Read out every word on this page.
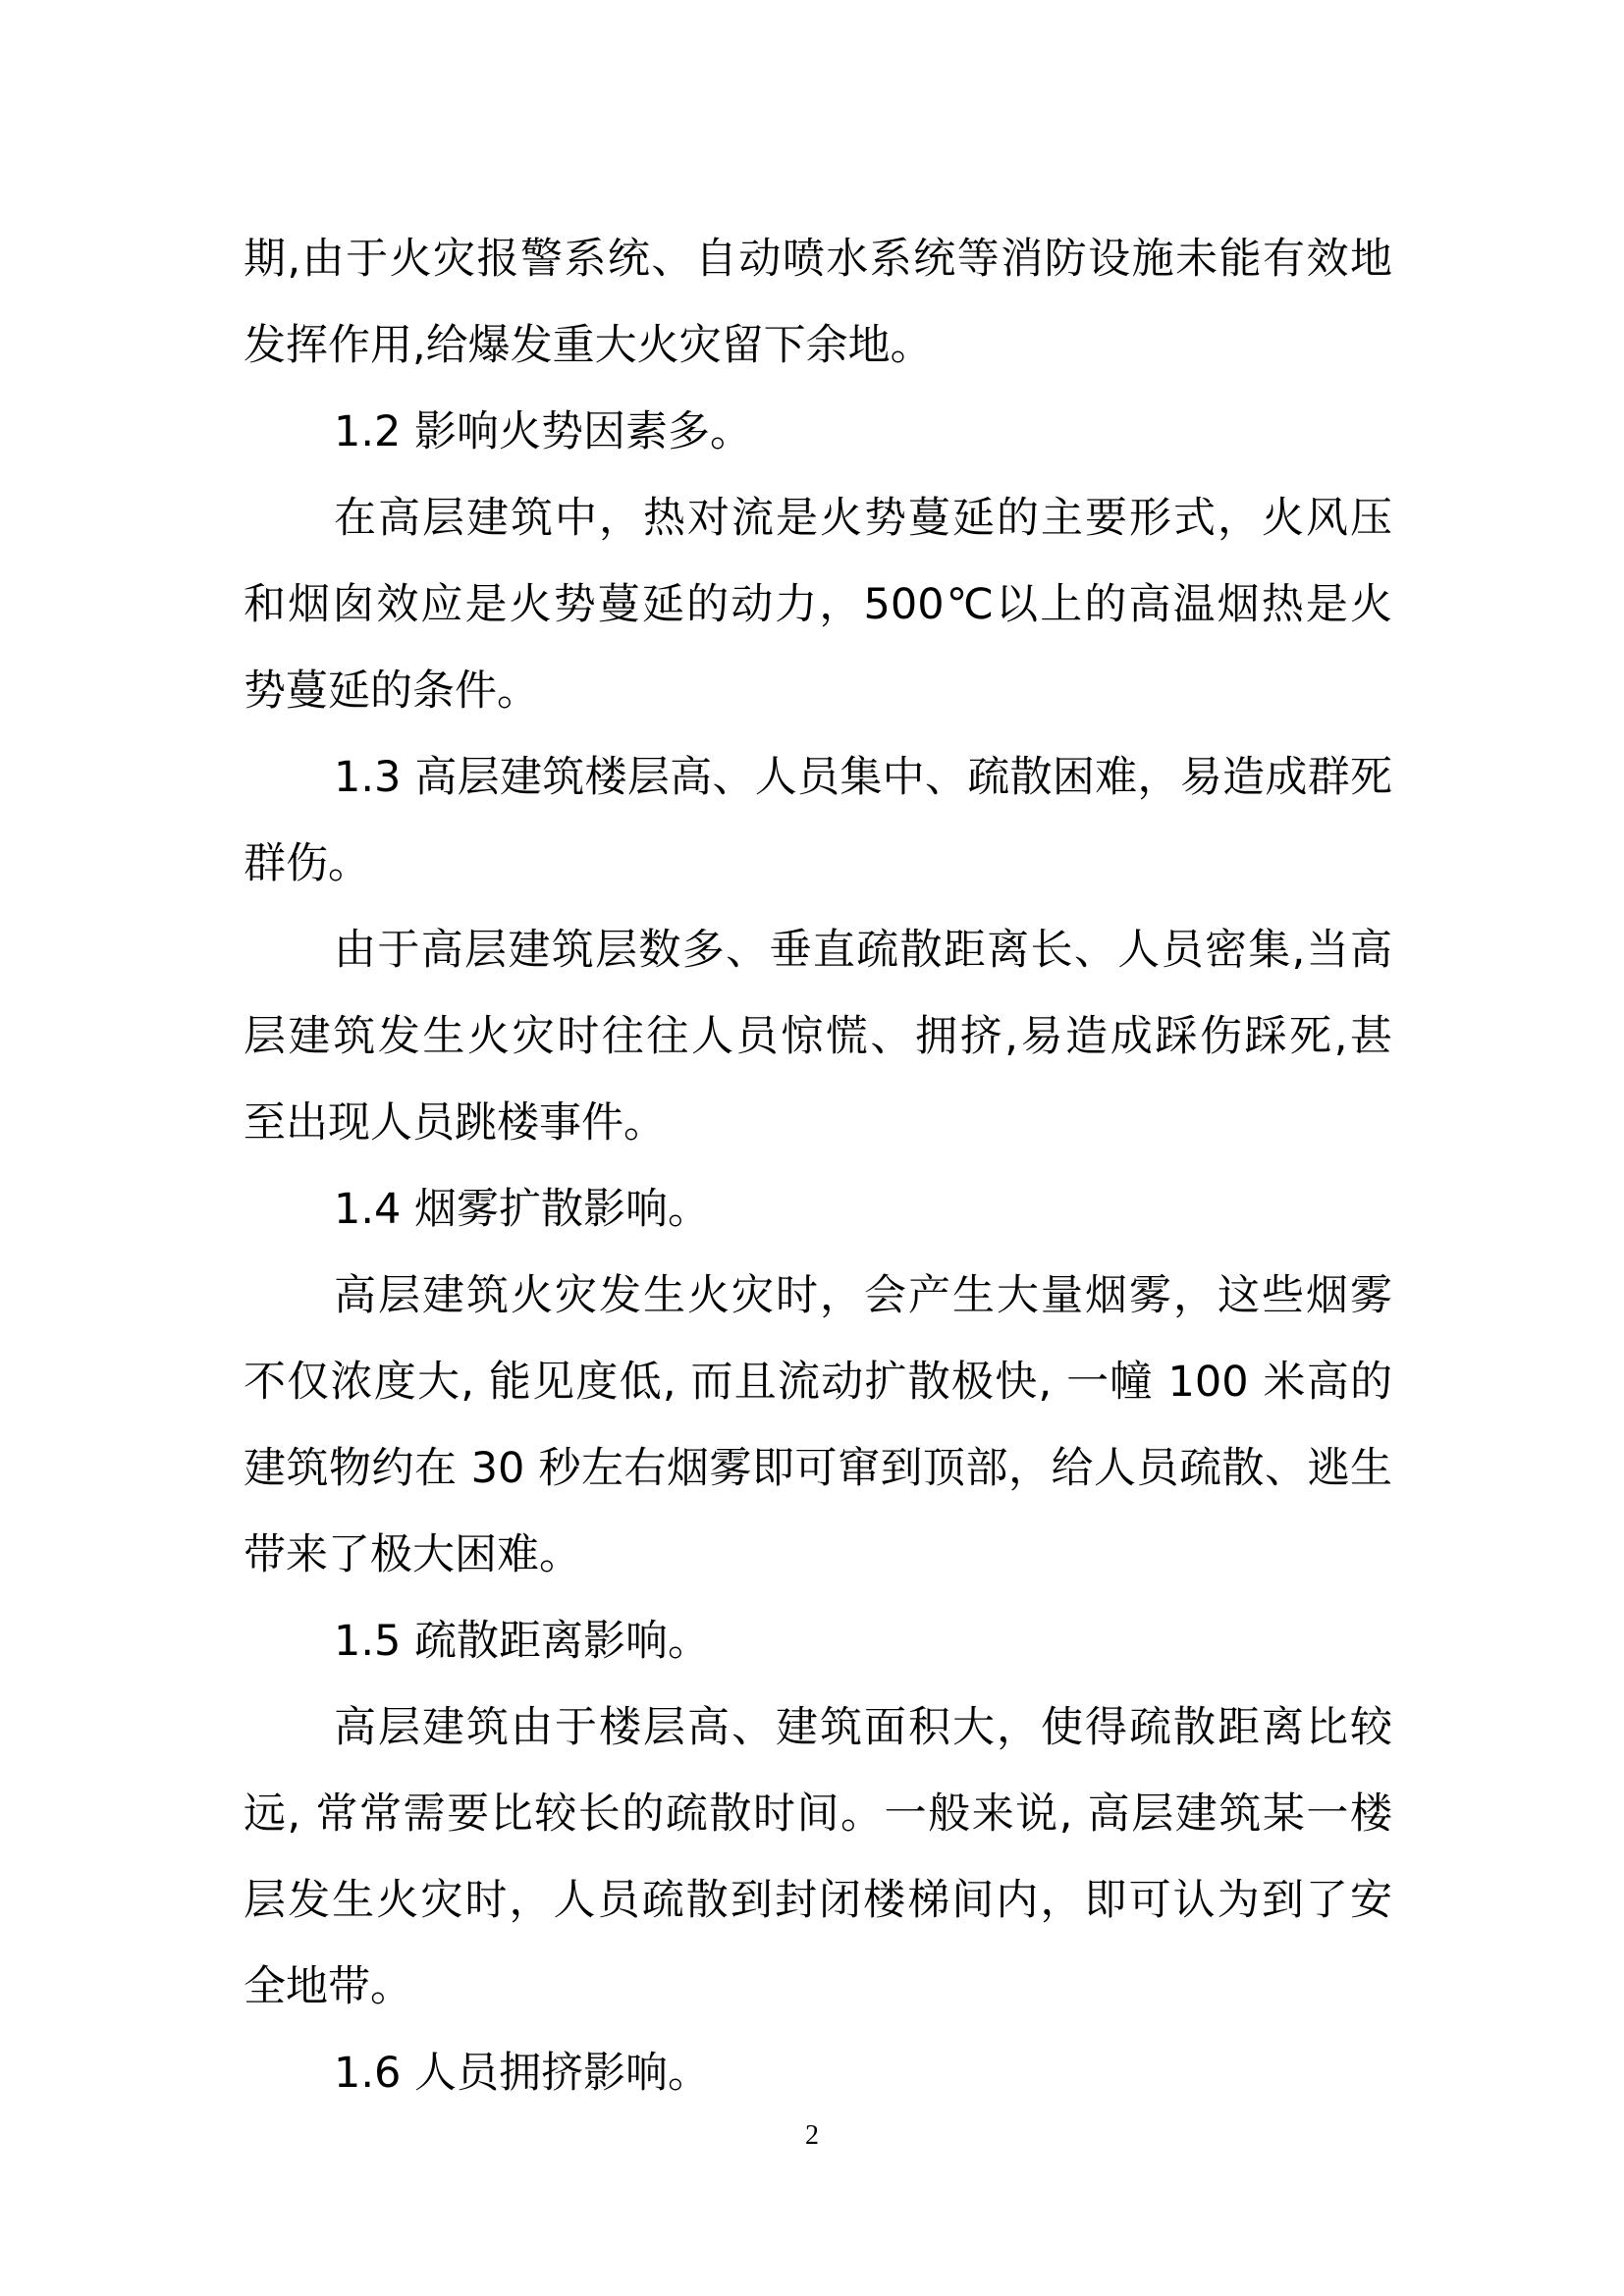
期,由于火灾报警系统、自动喷水系统等消防设施未能有效地

发挥作用,给爆发重大火灾留下余地。

1.2 影响火势因素多。

在高层建筑中，热对流是火势蔓延的主要形式，火风压

和烟囱效应是火势蔓延的动力，500℃以上的高温烟热是火

势蔓延的条件。

1.3 高层建筑楼层高、人员集中、疏散困难，易造成群死

群伤。

由于高层建筑层数多、垂直疏散距离长、人员密集,当高

层建筑发生火灾时往往人员惊慌、拥挤,易造成踩伤踩死,甚

至出现人员跳楼事件。

1.4 烟雾扩散影响。

高层建筑火灾发生火灾时，会产生大量烟雾，这些烟雾

不仅浓度大, 能见度低, 而且流动扩散极快, 一幢 100 米高的

建筑物约在 30 秒左右烟雾即可窜到顶部，给人员疏散、逃生

带来了极大困难。

1.5 疏散距离影响。

高层建筑由于楼层高、建筑面积大，使得疏散距离比较

远, 常常需要比较长的疏散时间。一般来说, 高层建筑某一楼

层发生火灾时，人员疏散到封闭楼梯间内，即可认为到了安

全地带。

1.6 人员拥挤影响。

2
